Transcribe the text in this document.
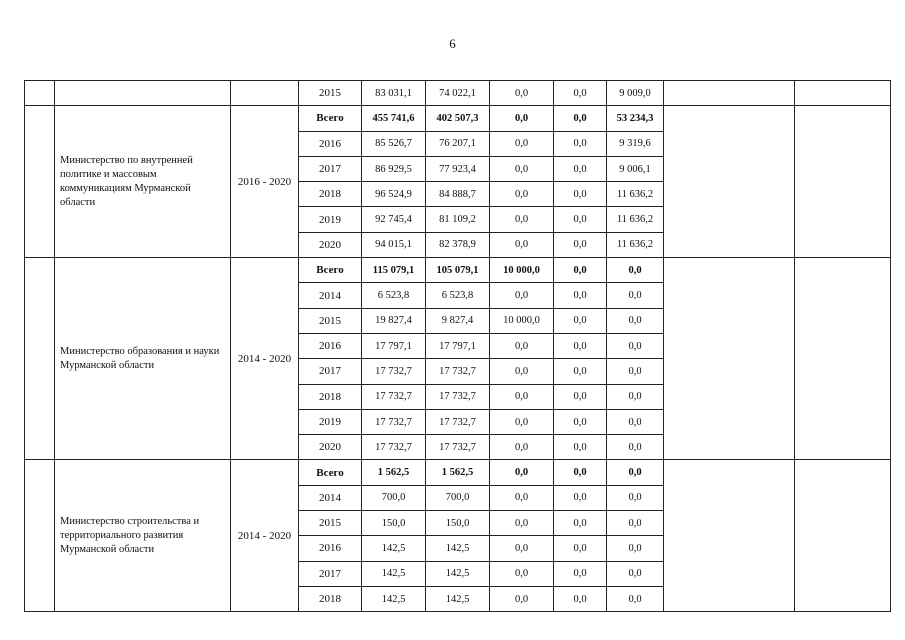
6
			2015	83 031,1	74 022,1	0,0	0,0	9 009,0		
	Министерство по внутренней политике и массовым коммуникациям Мурманской области	2016 - 2020	Всего	455 741,6	402 507,3	0,0	0,0	53 234,3		
			2016	85 526,7	76 207,1	0,0	0,0	9 319,6		
			2017	86 929,5	77 923,4	0,0	0,0	9 006,1		
			2018	96 524,9	84 888,7	0,0	0,0	11 636,2		
			2019	92 745,4	81 109,2	0,0	0,0	11 636,2		
			2020	94 015,1	82 378,9	0,0	0,0	11 636,2		
	Министерство образования и науки Мурманской области	2014 - 2020	Всего	115 079,1	105 079,1	10 000,0	0,0	0,0		
			2014	6 523,8	6 523,8	0,0	0,0	0,0		
			2015	19 827,4	9 827,4	10 000,0	0,0	0,0		
			2016	17 797,1	17 797,1	0,0	0,0	0,0		
			2017	17 732,7	17 732,7	0,0	0,0	0,0		
			2018	17 732,7	17 732,7	0,0	0,0	0,0		
			2019	17 732,7	17 732,7	0,0	0,0	0,0		
			2020	17 732,7	17 732,7	0,0	0,0	0,0		
	Министерство строительства и территориального развития Мурманской области	2014 - 2020	Всего	1 562,5	1 562,5	0,0	0,0	0,0		
			2014	700,0	700,0	0,0	0,0	0,0		
			2015	150,0	150,0	0,0	0,0	0,0		
			2016	142,5	142,5	0,0	0,0	0,0		
			2017	142,5	142,5	0,0	0,0	0,0		
			2018	142,5	142,5	0,0	0,0	0,0		
